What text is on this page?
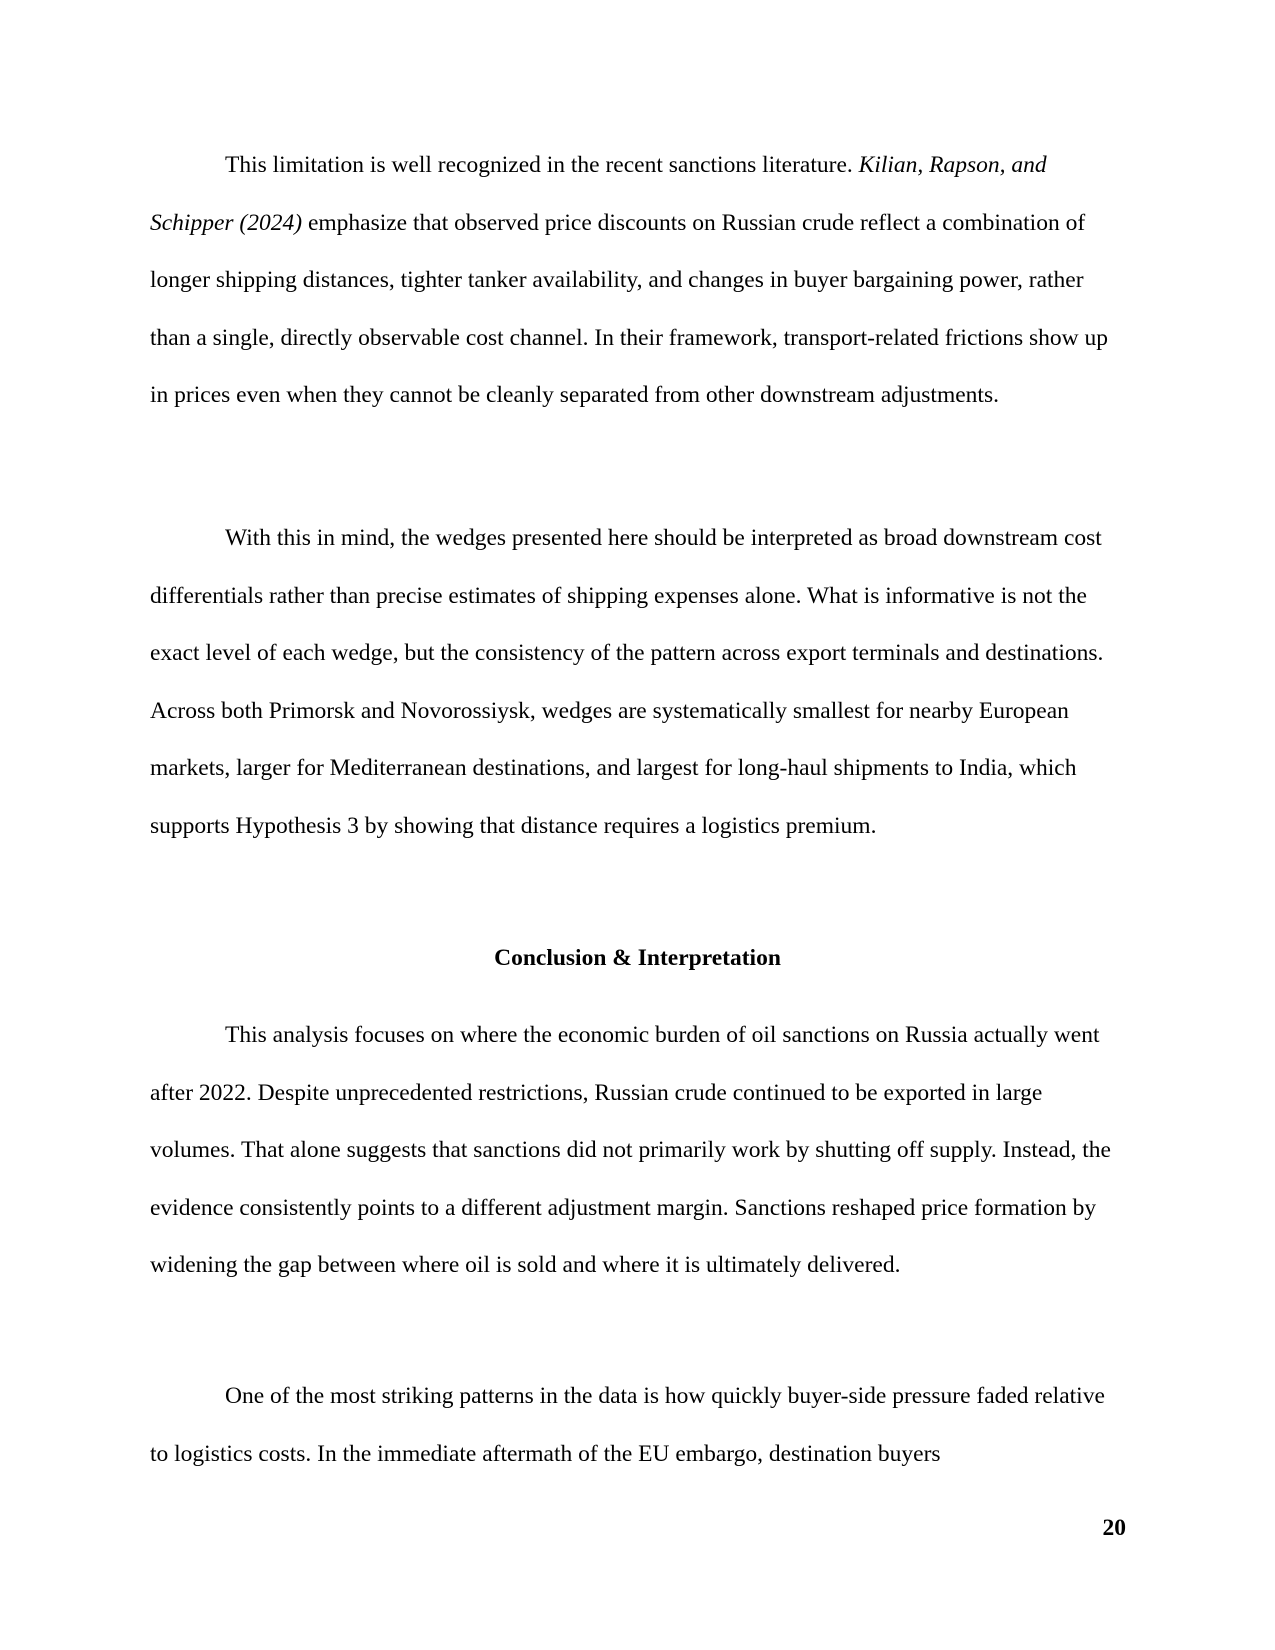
This limitation is well recognized in the recent sanctions literature. Kilian, Rapson, and Schipper (2024) emphasize that observed price discounts on Russian crude reflect a combination of longer shipping distances, tighter tanker availability, and changes in buyer bargaining power, rather than a single, directly observable cost channel. In their framework, transport-related frictions show up in prices even when they cannot be cleanly separated from other downstream adjustments.

With this in mind, the wedges presented here should be interpreted as broad downstream cost differentials rather than precise estimates of shipping expenses alone. What is informative is not the exact level of each wedge, but the consistency of the pattern across export terminals and destinations. Across both Primorsk and Novorossiysk, wedges are systematically smallest for nearby European markets, larger for Mediterranean destinations, and largest for long-haul shipments to India, which supports Hypothesis 3 by showing that distance requires a logistics premium.

Conclusion & Interpretation

This analysis focuses on where the economic burden of oil sanctions on Russia actually went after 2022. Despite unprecedented restrictions, Russian crude continued to be exported in large volumes. That alone suggests that sanctions did not primarily work by shutting off supply. Instead, the evidence consistently points to a different adjustment margin. Sanctions reshaped price formation by widening the gap between where oil is sold and where it is ultimately delivered.

One of the most striking patterns in the data is how quickly buyer-side pressure faded relative to logistics costs. In the immediate aftermath of the EU embargo, destination buyers

20
